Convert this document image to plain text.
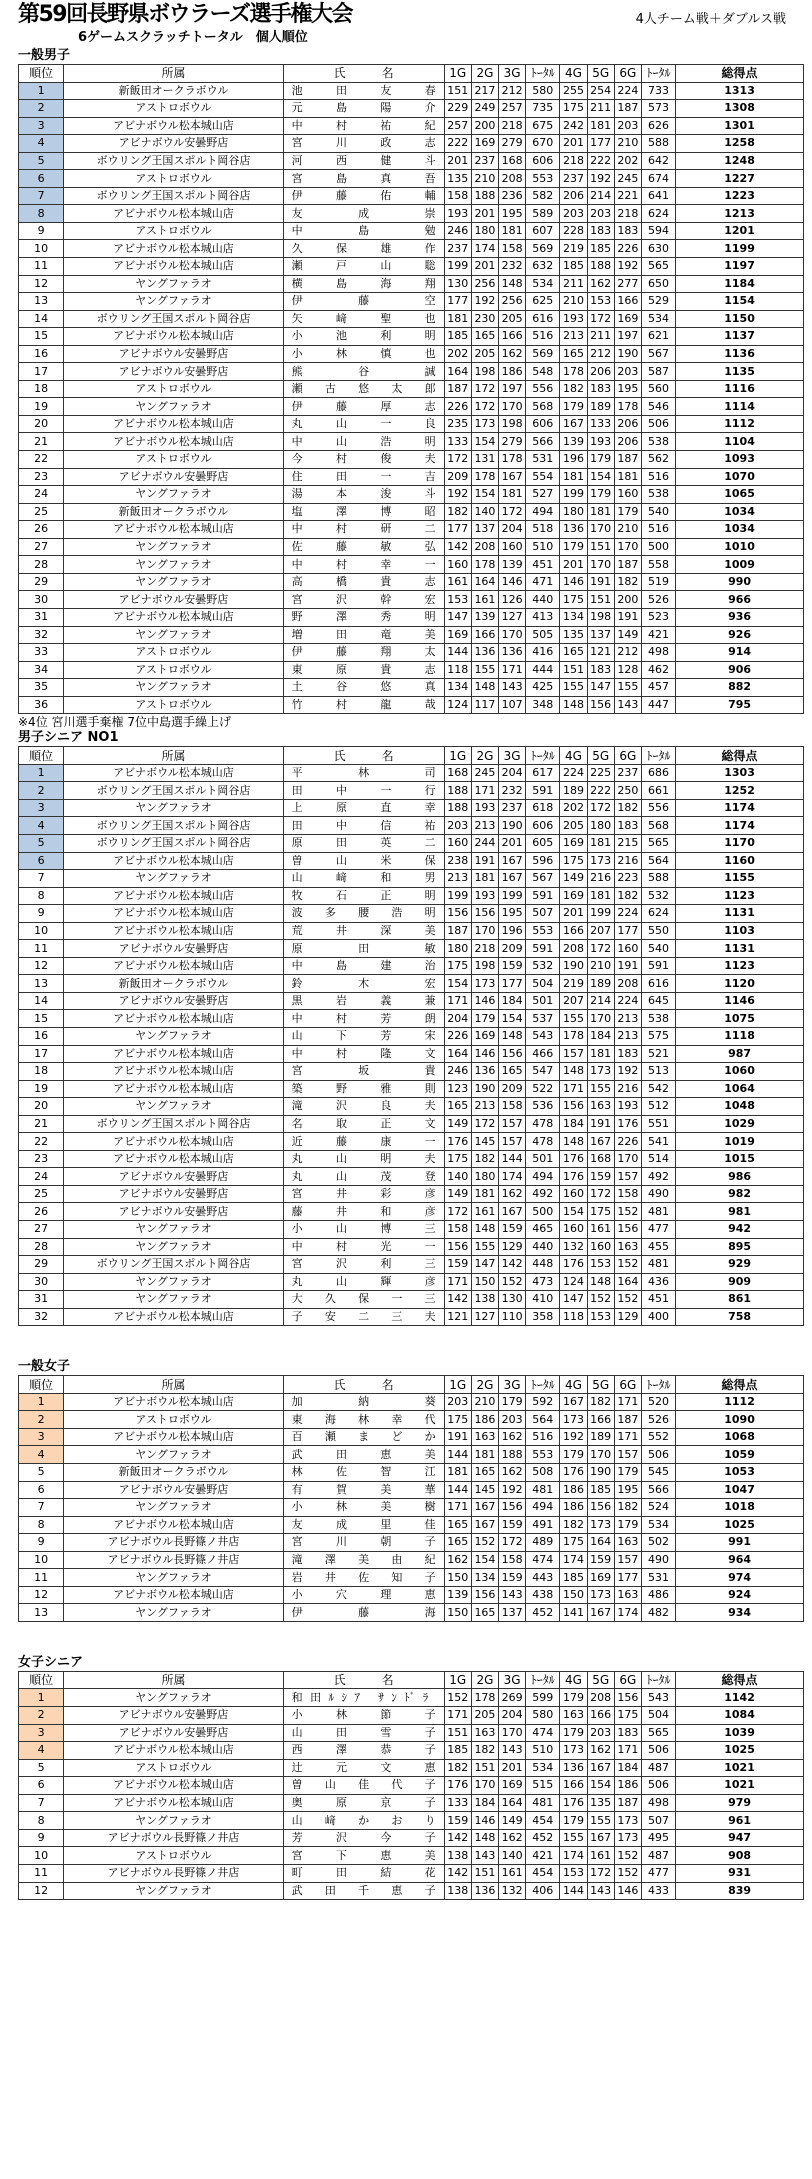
第59回長野県ボウラーズ選手権大会	4人チーム戦＋ダブルス戦
6ゲームスクラッチトータル　個人順位
一般男子
順位	所属	氏　　　名	1G	2G	3G	ﾄｰﾀﾙ	4G	5G	6G	ﾄｰﾀﾙ	総得点
1	新飯田オークラボウル	池田友春	151	217	212	580	255	254	224	733	1313
2	アストロボウル	元島陽介	229	249	257	735	175	211	187	573	1308
3	アビナボウル松本城山店	中村祐紀	257	200	218	675	242	181	203	626	1301
4	アビナボウル安曇野店	宮川政志	222	169	279	670	201	177	210	588	1258
5	ボウリング王国スポルト岡谷店	河西健斗	201	237	168	606	218	222	202	642	1248
6	アストロボウル	宮島真吾	135	210	208	553	237	192	245	674	1227
7	ボウリング王国スポルト岡谷店	伊藤佑輔	158	188	236	582	206	214	221	641	1223
8	アビナボウル松本城山店	友成崇	193	201	195	589	203	203	218	624	1213
9	アストロボウル	中島勉	246	180	181	607	228	183	183	594	1201
10	アビナボウル松本城山店	久保雄作	237	174	158	569	219	185	226	630	1199
11	アビナボウル松本城山店	瀬戸山聡	199	201	232	632	185	188	192	565	1197
12	ヤングファラオ	横島海翔	130	256	148	534	211	162	277	650	1184
13	ヤングファラオ	伊藤空	177	192	256	625	210	153	166	529	1154
14	ボウリング王国スポルト岡谷店	矢﨑聖也	181	230	205	616	193	172	169	534	1150
15	アビナボウル松本城山店	小池利明	185	165	166	516	213	211	197	621	1137
16	アビナボウル安曇野店	小林慎也	202	205	162	569	165	212	190	567	1136
17	アビナボウル安曇野店	熊谷誠	164	198	186	548	178	206	203	587	1135
18	アストロボウル	瀬古悠太郎	187	172	197	556	182	183	195	560	1116
19	ヤングファラオ	伊藤厚志	226	172	170	568	179	189	178	546	1114
20	アビナボウル松本城山店	丸山一良	235	173	198	606	167	133	206	506	1112
21	アビナボウル松本城山店	中山浩明	133	154	279	566	139	193	206	538	1104
22	アストロボウル	今村俊夫	172	131	178	531	196	179	187	562	1093
23	アビナボウル安曇野店	住田一吉	209	178	167	554	181	154	181	516	1070
24	ヤングファラオ	湯本浚斗	192	154	181	527	199	179	160	538	1065
25	新飯田オークラボウル	塩澤博昭	182	140	172	494	180	181	179	540	1034
26	アビナボウル松本城山店	中村研二	177	137	204	518	136	170	210	516	1034
27	ヤングファラオ	佐藤敏弘	142	208	160	510	179	151	170	500	1010
28	ヤングファラオ	中村幸一	160	178	139	451	201	170	187	558	1009
29	ヤングファラオ	高橋貴志	161	164	146	471	146	191	182	519	990
30	アビナボウル安曇野店	宮沢幹宏	153	161	126	440	175	151	200	526	966
31	アビナボウル松本城山店	野澤秀明	147	139	127	413	134	198	191	523	936
32	ヤングファラオ	増田竜美	169	166	170	505	135	137	149	421	926
33	アストロボウル	伊藤翔太	144	136	136	416	165	121	212	498	914
34	アストロボウル	東原貴志	118	155	171	444	151	183	128	462	906
35	ヤングファラオ	土谷悠真	134	148	143	425	155	147	155	457	882
36	アストロボウル	竹村龍哉	124	117	107	348	148	156	143	447	795
※4位 宮川選手棄権 7位中島選手繰上げ
男子シニア NO1
順位	所属	氏　　　名	1G	2G	3G	ﾄｰﾀﾙ	4G	5G	6G	ﾄｰﾀﾙ	総得点
1	アビナボウル松本城山店	平林司	168	245	204	617	224	225	237	686	1303
2	ボウリング王国スポルト岡谷店	田中一行	188	171	232	591	189	222	250	661	1252
3	ヤングファラオ	上原直幸	188	193	237	618	202	172	182	556	1174
4	ボウリング王国スポルト岡谷店	田中信祐	203	213	190	606	205	180	183	568	1174
5	ボウリング王国スポルト岡谷店	原田英二	160	244	201	605	169	181	215	565	1170
6	アビナボウル松本城山店	曽山米保	238	191	167	596	175	173	216	564	1160
7	ヤングファラオ	山﨑和男	213	181	167	567	149	216	223	588	1155
8	アビナボウル松本城山店	牧石正明	199	193	199	591	169	181	182	532	1123
9	アビナボウル松本城山店	波多腰浩明	156	156	195	507	201	199	224	624	1131
10	アビナボウル松本城山店	荒井深美	187	170	196	553	166	207	177	550	1103
11	アビナボウル安曇野店	原田敏	180	218	209	591	208	172	160	540	1131
12	アビナボウル松本城山店	中島建治	175	198	159	532	190	210	191	591	1123
13	新飯田オークラボウル	鈴木宏	154	173	177	504	219	189	208	616	1120
14	アビナボウル安曇野店	黒岩義兼	171	146	184	501	207	214	224	645	1146
15	アビナボウル松本城山店	中村芳朗	204	179	154	537	155	170	213	538	1075
16	ヤングファラオ	山下芳宋	226	169	148	543	178	184	213	575	1118
17	アビナボウル松本城山店	中村隆文	164	146	156	466	157	181	183	521	987
18	アビナボウル松本城山店	宮坂貴	246	136	165	547	148	173	192	513	1060
19	アビナボウル松本城山店	築野雅則	123	190	209	522	171	155	216	542	1064
20	ヤングファラオ	滝沢良夫	165	213	158	536	156	163	193	512	1048
21	ボウリング王国スポルト岡谷店	名取正文	149	172	157	478	184	191	176	551	1029
22	アビナボウル松本城山店	近藤康一	176	145	157	478	148	167	226	541	1019
23	アビナボウル松本城山店	丸山明夫	175	182	144	501	176	168	170	514	1015
24	アビナボウル安曇野店	丸山茂登	140	180	174	494	176	159	157	492	986
25	アビナボウル安曇野店	宮井彩彦	149	181	162	492	160	172	158	490	982
26	アビナボウル安曇野店	藤井和彦	172	161	167	500	154	175	152	481	981
27	ヤングファラオ	小山博三	158	148	159	465	160	161	156	477	942
28	ヤングファラオ	中村光一	156	155	129	440	132	160	163	455	895
29	ボウリング王国スポルト岡谷店	宮沢利三	159	147	142	448	176	153	152	481	929
30	ヤングファラオ	丸山輝彦	171	150	152	473	124	148	164	436	909
31	ヤングファラオ	大久保一三	142	138	130	410	147	152	152	451	861
32	アビナボウル松本城山店	子安二三夫	121	127	110	358	118	153	129	400	758
一般女子
順位	所属	氏　　　名	1G	2G	3G	ﾄｰﾀﾙ	4G	5G	6G	ﾄｰﾀﾙ	総得点
1	アビナボウル松本城山店	加納葵	203	210	179	592	167	182	171	520	1112
2	アストロボウル	東海林幸代	175	186	203	564	173	166	187	526	1090
3	アビナボウル松本城山店	百瀬まどか	191	163	162	516	192	189	171	552	1068
4	ヤングファラオ	武田恵美	144	181	188	553	179	170	157	506	1059
5	新飯田オークラボウル	林佐智江	181	165	162	508	176	190	179	545	1053
6	アビナボウル安曇野店	有賀美華	144	145	192	481	186	185	195	566	1047
7	ヤングファラオ	小林美樹	171	167	156	494	186	156	182	524	1018
8	アビナボウル松本城山店	友成里佳	165	167	159	491	182	173	179	534	1025
9	アビナボウル長野篠ノ井店	宮川朝子	165	152	172	489	175	164	163	502	991
10	アビナボウル長野篠ノ井店	滝澤美由紀	162	154	158	474	174	159	157	490	964
11	ヤングファラオ	岩井佐知子	150	134	159	443	185	169	177	531	974
12	アビナボウル松本城山店	小穴理恵	139	156	143	438	150	173	163	486	924
13	ヤングファラオ	伊藤海	150	165	137	452	141	167	174	482	934
女子シニア
順位	所属	氏　　　名	1G	2G	3G	ﾄｰﾀﾙ	4G	5G	6G	ﾄｰﾀﾙ	総得点
1	ヤングファラオ	和田ﾙｼｱ ｻﾝﾄﾞﾗ	152	178	269	599	179	208	156	543	1142
2	アビナボウル安曇野店	小林節子	171	205	204	580	163	166	175	504	1084
3	アビナボウル安曇野店	山田雪子	151	163	170	474	179	203	183	565	1039
4	アビナボウル松本城山店	西澤恭子	185	182	143	510	173	162	171	506	1025
5	アストロボウル	辻元文恵	182	151	201	534	136	167	184	487	1021
6	アビナボウル松本城山店	曽山佳代子	176	170	169	515	166	154	186	506	1021
7	アビナボウル松本城山店	奥原京子	133	184	164	481	176	135	187	498	979
8	ヤングファラオ	山﨑かおり	159	146	149	454	179	155	173	507	961
9	アビナボウル長野篠ノ井店	芳沢今子	142	148	162	452	155	167	173	495	947
10	アストロボウル	宮下恵美	138	143	140	421	174	161	152	487	908
11	アビナボウル長野篠ノ井店	町田結花	142	151	161	454	153	172	152	477	931
12	ヤングファラオ	武田千恵子	138	136	132	406	144	143	146	433	839
